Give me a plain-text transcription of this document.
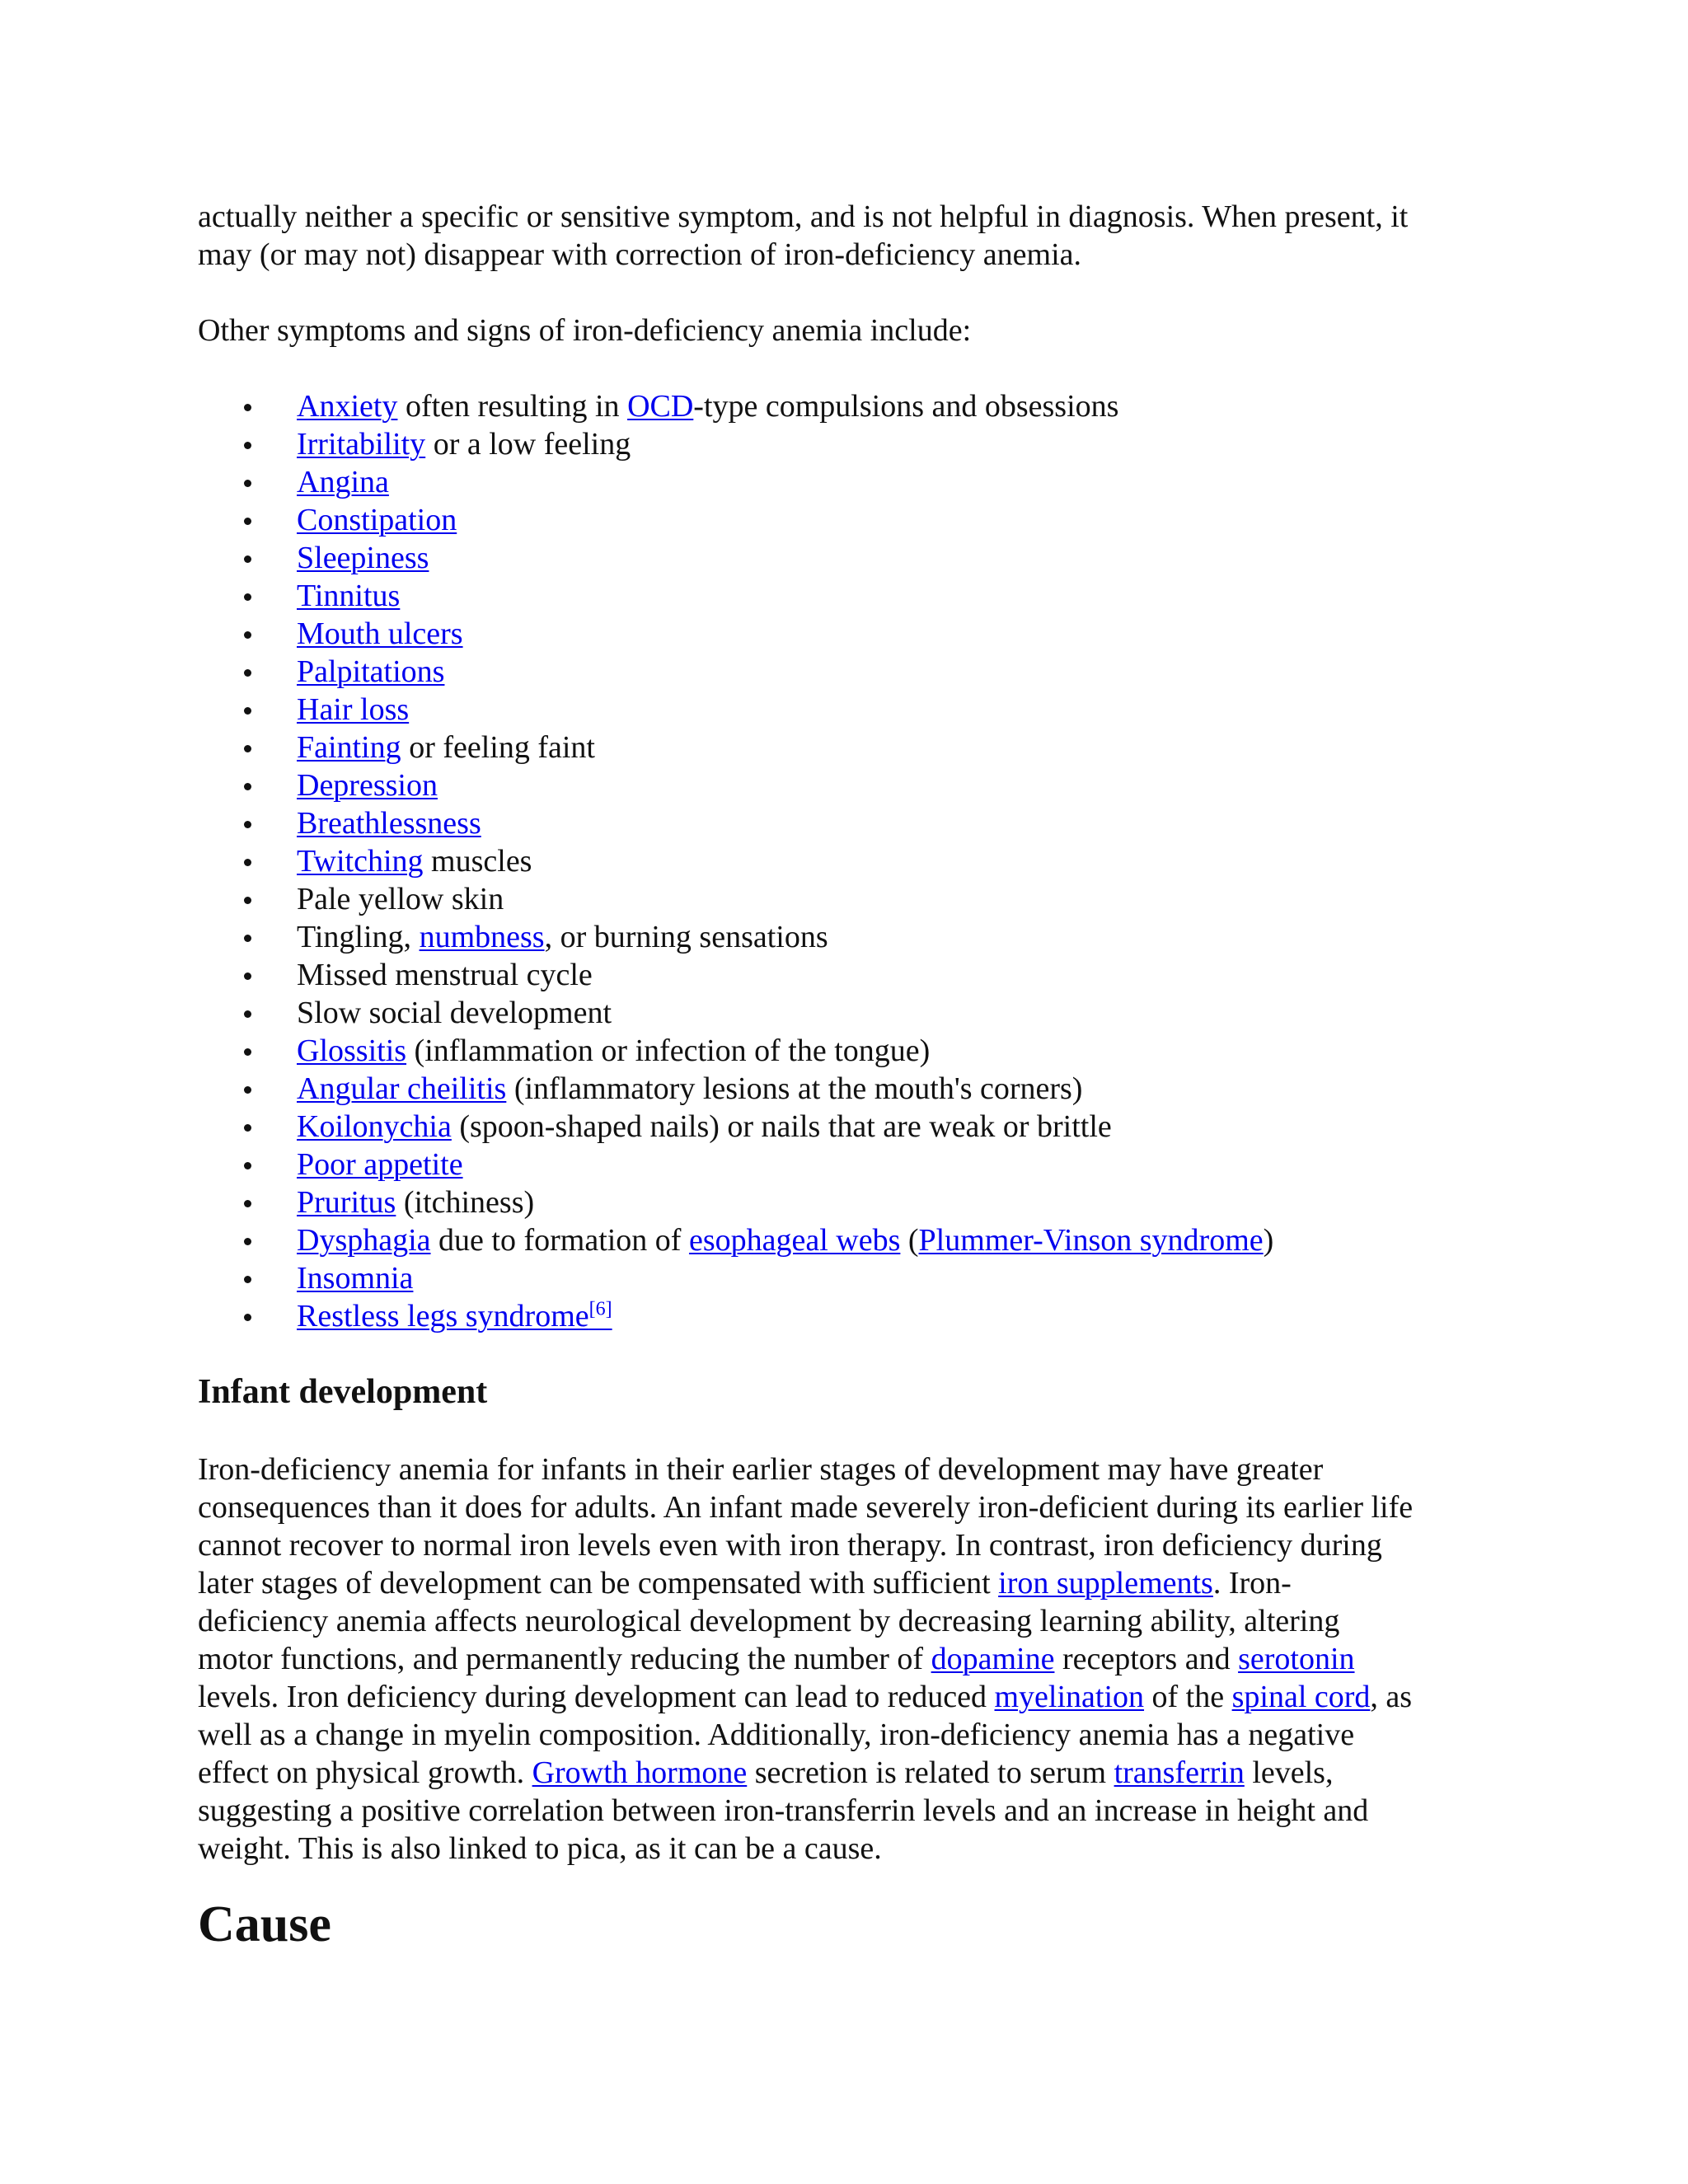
actually neither a specific or sensitive symptom, and is not helpful in diagnosis. When present, it
may (or may not) disappear with correction of iron-deficiency anemia.

Other symptoms and signs of iron-deficiency anemia include:

Anxiety often resulting in OCD-type compulsions and obsessions
Irritability or a low feeling
Angina
Constipation
Sleepiness
Tinnitus
Mouth ulcers
Palpitations
Hair loss
Fainting or feeling faint
Depression
Breathlessness
Twitching muscles
Pale yellow skin
Tingling, numbness, or burning sensations
Missed menstrual cycle
Slow social development
Glossitis (inflammation or infection of the tongue)
Angular cheilitis (inflammatory lesions at the mouth's corners)
Koilonychia (spoon-shaped nails) or nails that are weak or brittle
Poor appetite
Pruritus (itchiness)
Dysphagia due to formation of esophageal webs (Plummer-Vinson syndrome)
Insomnia
Restless legs syndrome[6]
Infant development

Iron-deficiency anemia for infants in their earlier stages of development may have greater
consequences than it does for adults. An infant made severely iron-deficient during its earlier life
cannot recover to normal iron levels even with iron therapy. In contrast, iron deficiency during
later stages of development can be compensated with sufficient iron supplements. Iron-
deficiency anemia affects neurological development by decreasing learning ability, altering
motor functions, and permanently reducing the number of dopamine receptors and serotonin
levels. Iron deficiency during development can lead to reduced myelination of the spinal cord, as
well as a change in myelin composition. Additionally, iron-deficiency anemia has a negative
effect on physical growth. Growth hormone secretion is related to serum transferrin levels,
suggesting a positive correlation between iron-transferrin levels and an increase in height and
weight. This is also linked to pica, as it can be a cause.

Cause
